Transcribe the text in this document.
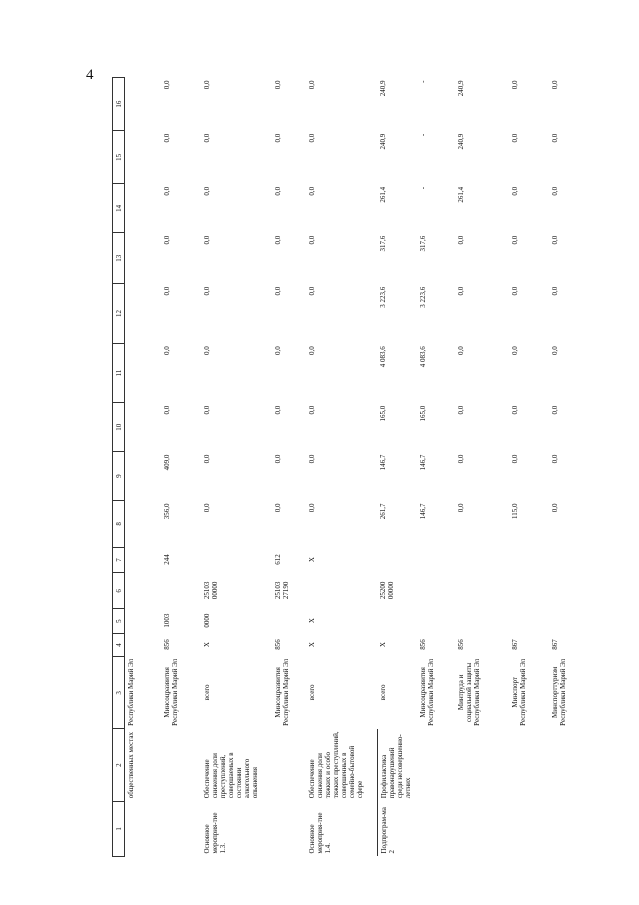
4
1	2	3	4	5	6	7	8	9	10	11	12	13	14	15	16
	общественных местах	Республики Марий Эл													
		Минсоцразвития Республики Марий Эл	856	1003		244	356,0	409,0	0,0	0,0	0,0	0,0	0,0	0,0	0,0
Основное мероприя-тие 1.3.	Обеспечение снижения доли преступлений, совершаемых в состоянии алкогольного опьянения	всего	X	0000	25103 00000		0,0	0,0	0,0	0,0	0,0	0,0	0,0	0,0	0,0
		Минсоцразвития Республики Марий Эл	856		25103 27190	612	0,0	0,0	0,0	0,0	0,0	0,0	0,0	0,0	0,0
Основное мероприя-тие 1.4.	Обеспечение снижения доли тяжких и особо тяжких преступлений, совершенных в семейно-бытовой сфере	всего	X	X		X	0,0	0,0	0,0	0,0	0,0	0,0	0,0	0,0	0,0
Подпрограм-ма 2	Профилактика правонарушений среди несовершенно-летних	всего	X		25200 00000		261,7	146,7	165,0	4 083,6	3 223,6	317,6	261,4	240,9	240,9
		Минсоцразвития Республики Марий Эл	856				146,7	146,7	165,0	4 083,6	3 223,6	317,6	-	-	-
		Минтруда и социальной защиты Республики Марий Эл	856				0,0	0,0	0,0	0,0	0,0	0,0	261,4	240,9	240,9
		Минспорт Республики Марий Эл	867				115,0	0,0	0,0	0,0	0,0	0,0	0,0	0,0	0,0
		Минспорттуризм Республики Марий Эл	867				0,0	0,0	0,0	0,0	0,0	0,0	0,0	0,0	0,0
